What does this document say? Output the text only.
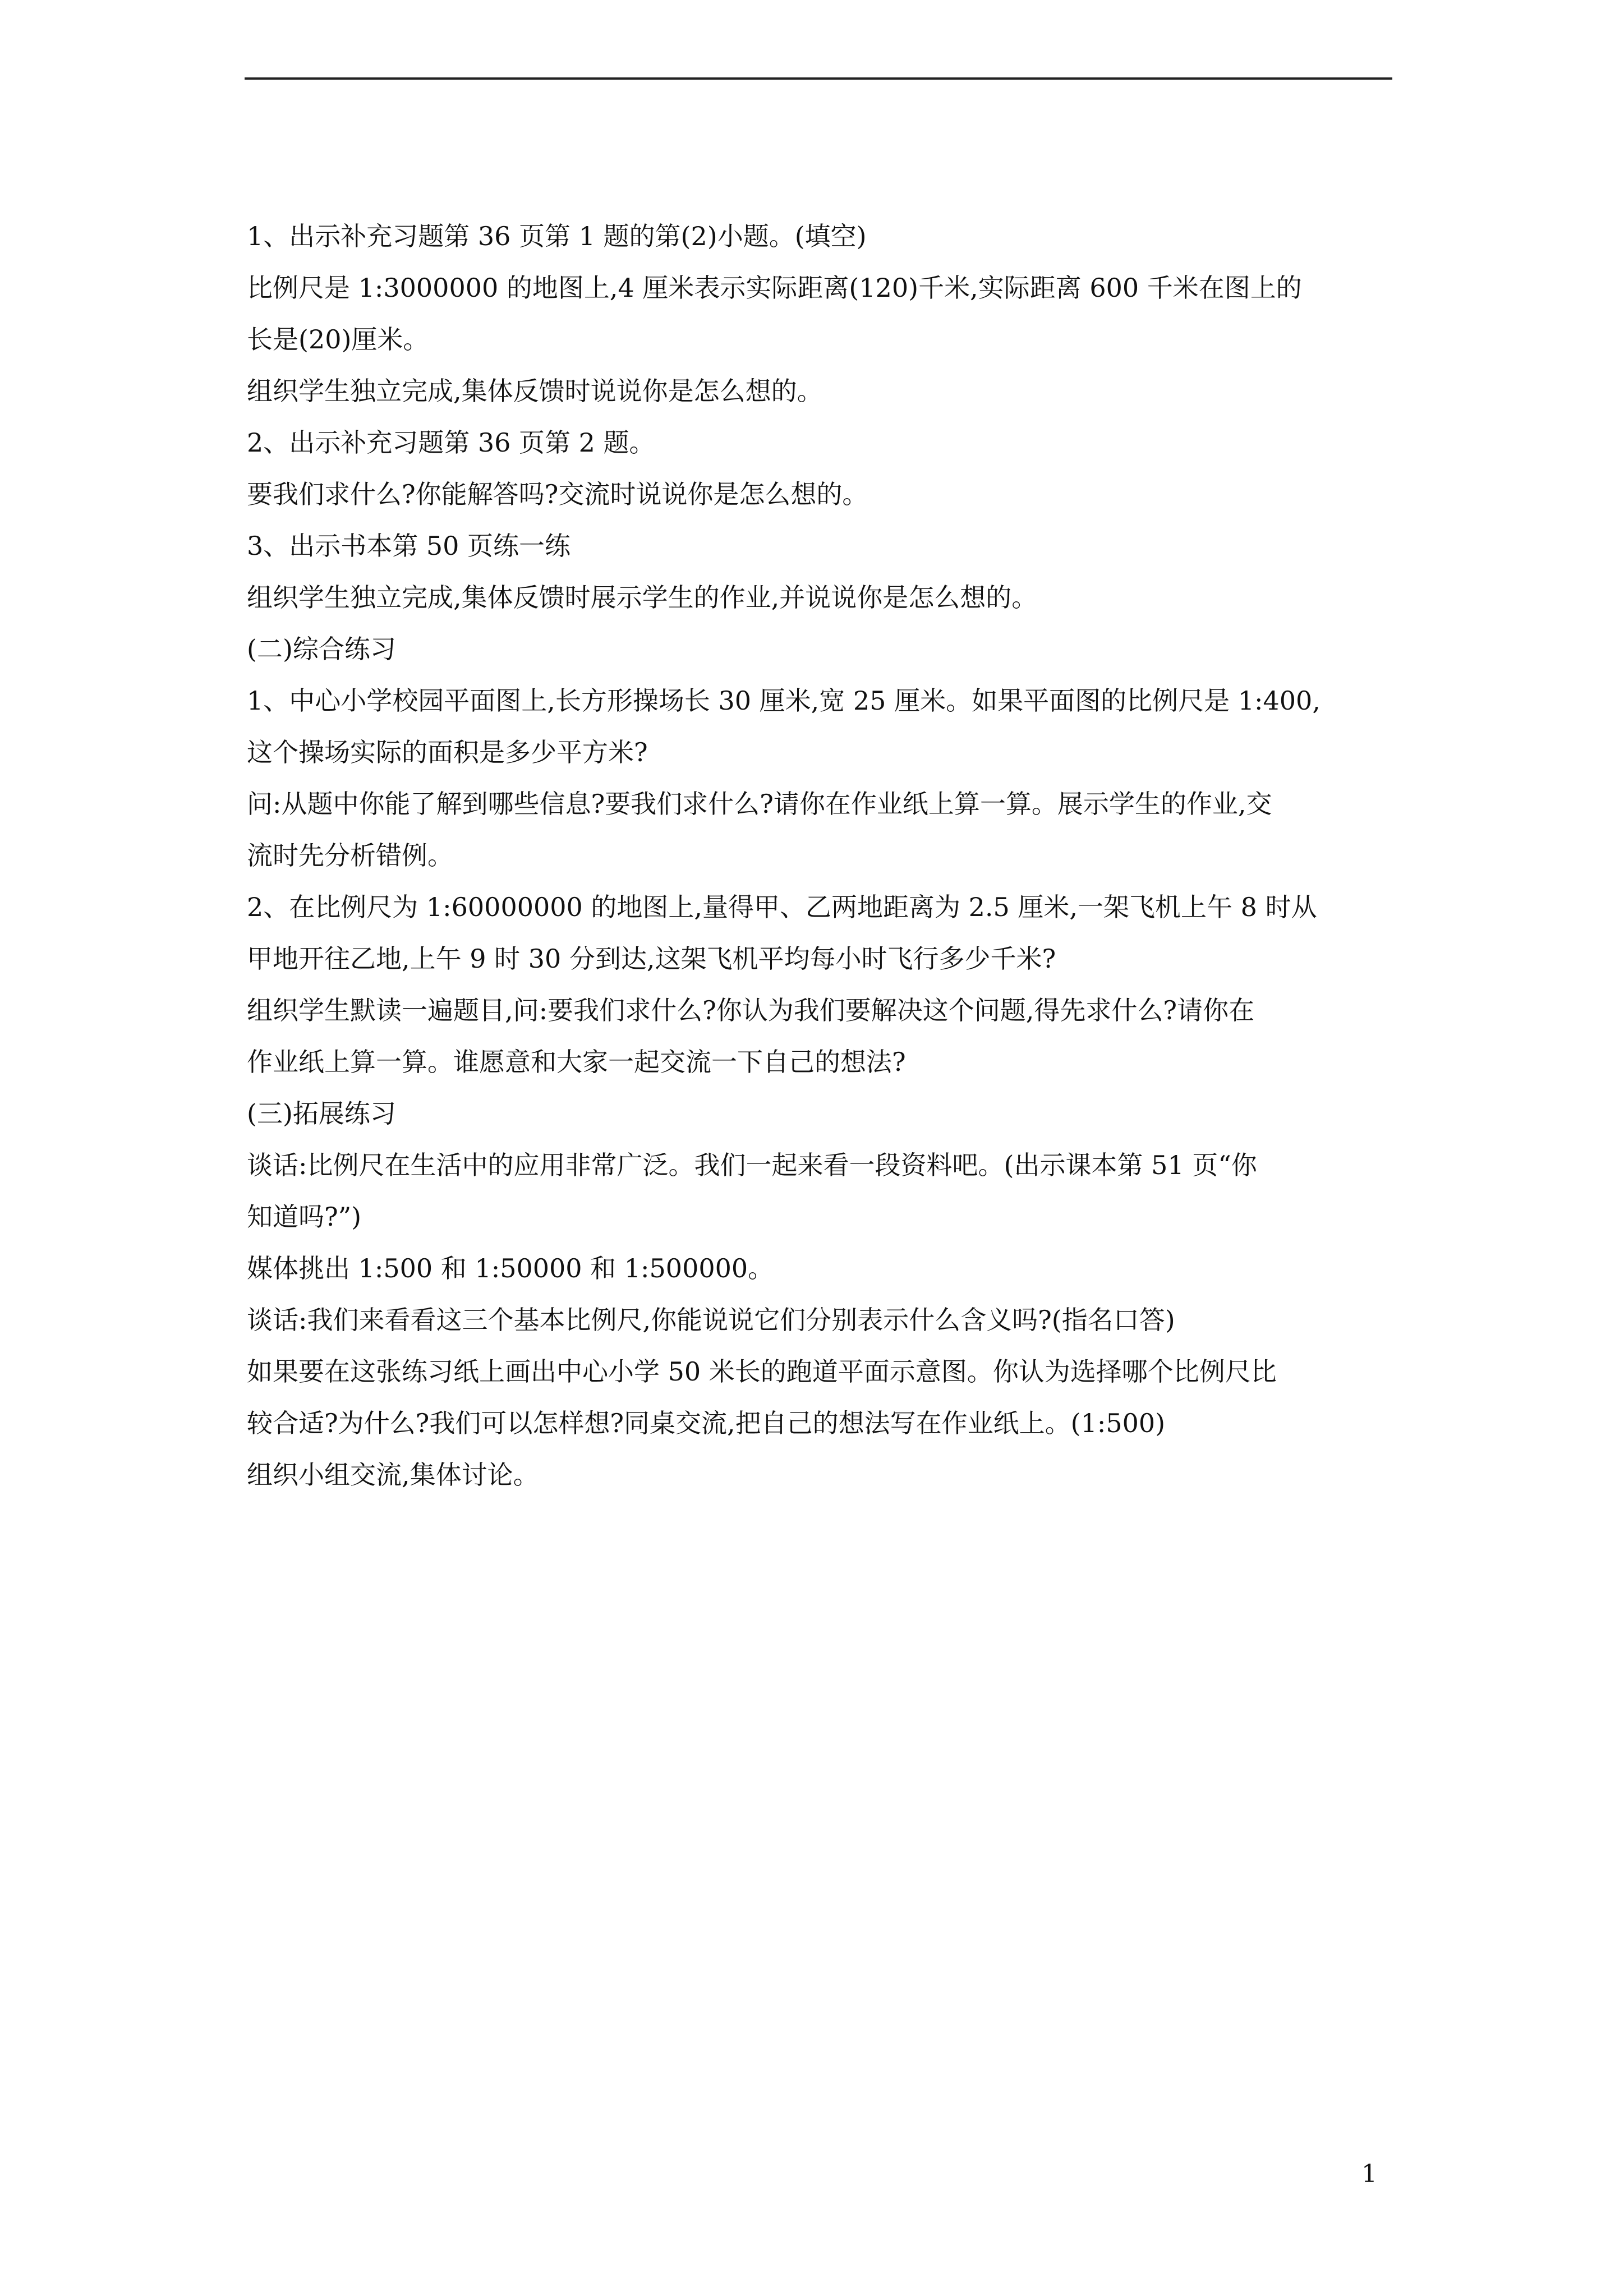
1、出示补充习题第 36 页第 1 题的第(2)小题。(填空)
比例尺是 1:3000000 的地图上,4 厘米表示实际距离(120)千米,实际距离 600 千米在图上的
长是(20)厘米。
组织学生独立完成,集体反馈时说说你是怎么想的。
2、出示补充习题第 36 页第 2 题。
要我们求什么?你能解答吗?交流时说说你是怎么想的。
3、出示书本第 50 页练一练
组织学生独立完成,集体反馈时展示学生的作业,并说说你是怎么想的。
(二)综合练习
1、中心小学校园平面图上,长方形操场长 30 厘米,宽 25 厘米。如果平面图的比例尺是 1:400,
这个操场实际的面积是多少平方米?
问:从题中你能了解到哪些信息?要我们求什么?请你在作业纸上算一算。展示学生的作业,交
流时先分析错例。
2、在比例尺为 1:60000000 的地图上,量得甲、乙两地距离为 2.5 厘米,一架飞机上午 8 时从
甲地开往乙地,上午 9 时 30 分到达,这架飞机平均每小时飞行多少千米?
组织学生默读一遍题目,问:要我们求什么?你认为我们要解决这个问题,得先求什么?请你在
作业纸上算一算。谁愿意和大家一起交流一下自己的想法?
(三)拓展练习
谈话:比例尺在生活中的应用非常广泛。我们一起来看一段资料吧。(出示课本第 51 页“你
知道吗?”)
媒体挑出 1:500 和 1:50000 和 1:500000。
谈话:我们来看看这三个基本比例尺,你能说说它们分别表示什么含义吗?(指名口答)
如果要在这张练习纸上画出中心小学 50 米长的跑道平面示意图。你认为选择哪个比例尺比
较合适?为什么?我们可以怎样想?同桌交流,把自己的想法写在作业纸上。(1:500)
组织小组交流,集体讨论。
1
